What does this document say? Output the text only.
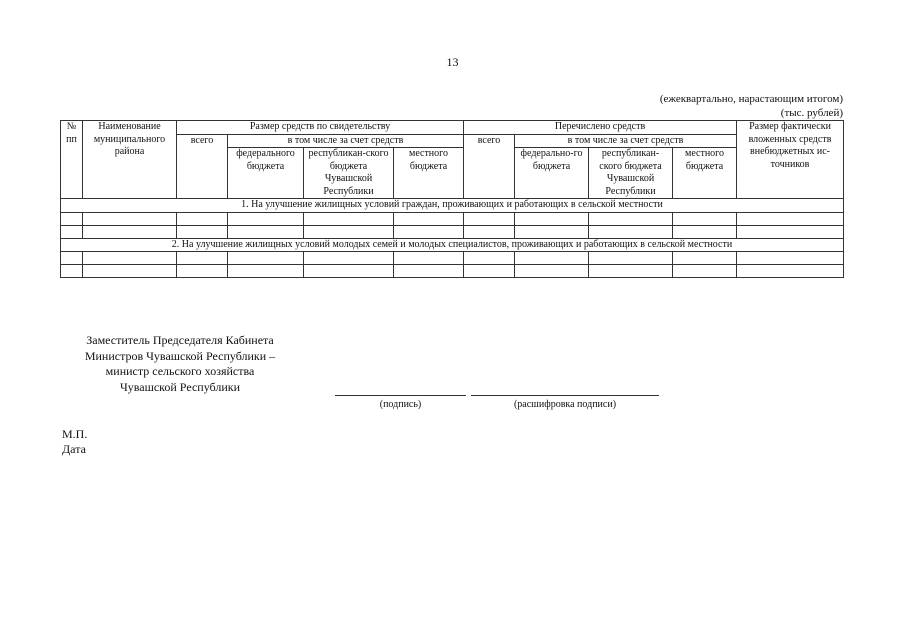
13
(ежеквартально, нарастающим итогом)
(тыс. рублей)
№ пп	Наименование муниципального района	Размер средств по свидетельству				Перечислено средств				Размер фактически вложенных средств внебюджетных ис-точников
		всего	в том числе за счет средств			всего	в том числе за счет средств			
			федерального бюджета	республикан-ского бюджета Чувашской Республики	местного бюджета		федерально-го бюджета	республикан-ского бюджета Чувашской Республики	местного бюджета	

1. На улучшение жилищных условий граждан, проживающих и работающих в сельской местности										

2. На улучшение жилищных условий молодых семей и молодых специалистов, проживающих и работающих в сельской местности										

Заместитель Председателя Кабинета
Министров Чувашской Республики –
министр сельского хозяйства
Чувашской Республики
(подпись)	(расшифровка подписи)
М.П.
Дата
